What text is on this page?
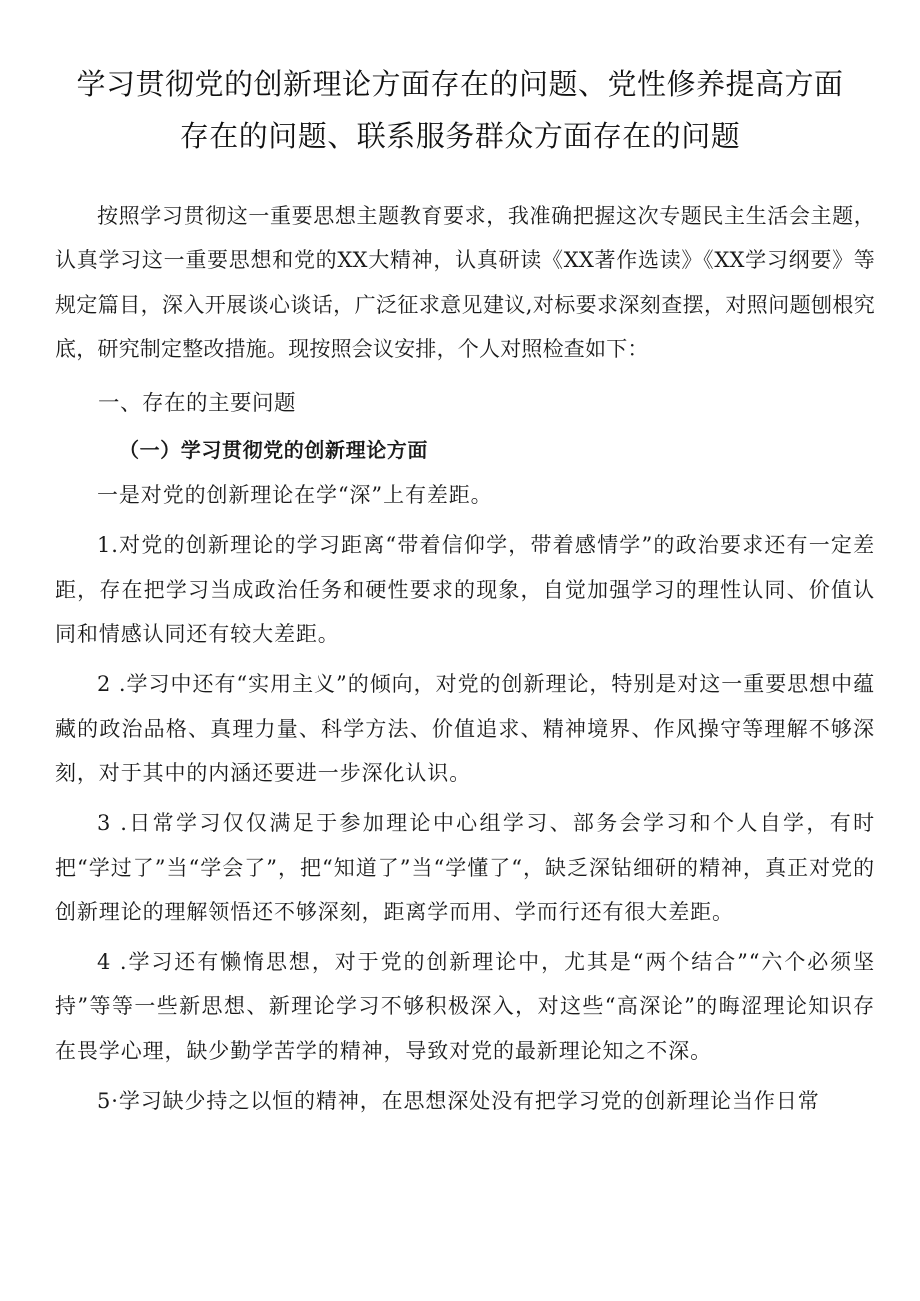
学习贯彻党的创新理论方面存在的问题、党性修养提高方面
存在的问题、联系服务群众方面存在的问题

按照学习贯彻这一重要思想主题教育要求，我准确把握这次专题民主生活会主题，认真学习这一重要思想和党的XX大精神，认真研读《XX著作选读》《XX学习纲要》等规定篇目，深入开展谈心谈话，广泛征求意见建议,对标要求深刻查摆，对照问题刨根究底，研究制定整改措施。现按照会议安排，个人对照检查如下：

一、存在的主要问题
（一）学习贯彻党的创新理论方面

一是对党的创新理论在学“深”上有差距。

1.对党的创新理论的学习距离“带着信仰学，带着感情学”的政治要求还有一定差距，存在把学习当成政治任务和硬性要求的现象，自觉加强学习的理性认同、价值认同和情感认同还有较大差距。

2 .学习中还有“实用主义”的倾向，对党的创新理论，特别是对这一重要思想中蕴藏的政治品格、真理力量、科学方法、价值追求、精神境界、作风操守等理解不够深刻，对于其中的内涵还要进一步深化认识。

3 .日常学习仅仅满足于参加理论中心组学习、部务会学习和个人自学，有时把“学过了”当“学会了”，把“知道了”当“学懂了“，缺乏深钻细研的精神，真正对党的创新理论的理解领悟还不够深刻，距离学而用、学而行还有很大差距。

4 .学习还有懒惰思想，对于党的创新理论中，尤其是“两个结合”“六个必须坚持”等等一些新思想、新理论学习不够积极深入，对这些“高深论”的晦涩理论知识存在畏学心理，缺少勤学苦学的精神，导致对党的最新理论知之不深。

5·学习缺少持之以恒的精神，在思想深处没有把学习党的创新理论当作日常
